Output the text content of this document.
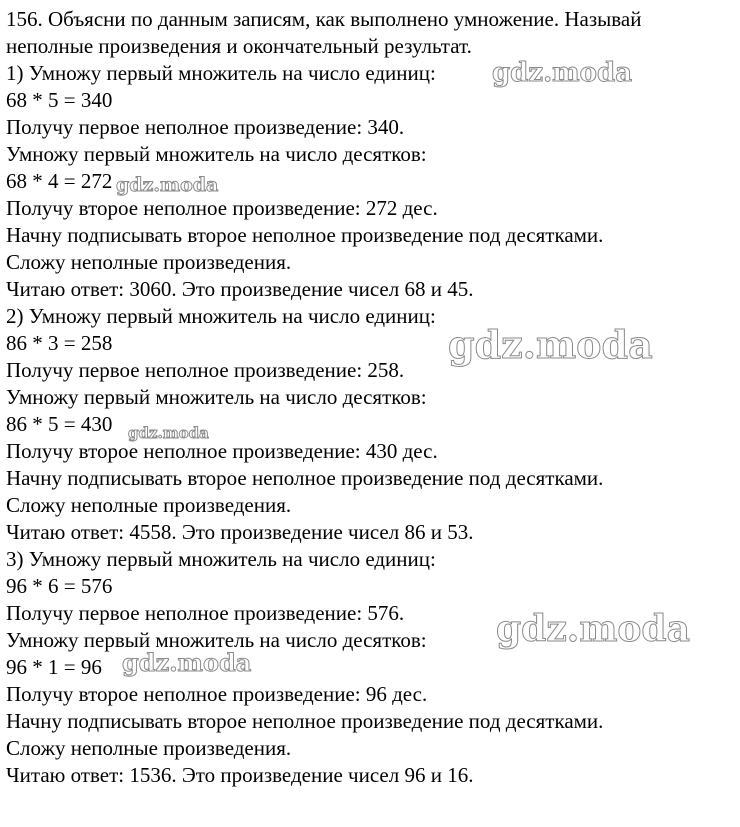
156. Объясни по данным записям, как выполнено умножение. Называй

неполные произведения и окончательный результат.

1) Умножу первый множитель на число единиц:

68 * 5 = 340

Получу первое неполное произведение: 340.

Умножу первый множитель на число десятков:

68 * 4 = 272

Получу второе неполное произведение: 272 дес.

Начну подписывать второе неполное произведение под десятками.

Сложу неполные произведения.

Читаю ответ: 3060. Это произведение чисел 68 и 45.

2) Умножу первый множитель на число единиц:

86 * 3 = 258

Получу первое неполное произведение: 258.

Умножу первый множитель на число десятков:

86 * 5 = 430

Получу второе неполное произведение: 430 дес.

Начну подписывать второе неполное произведение под десятками.

Сложу неполные произведения.

Читаю ответ: 4558. Это произведение чисел 86 и 53.

3) Умножу первый множитель на число единиц:

96 * 6 = 576

Получу первое неполное произведение: 576.

Умножу первый множитель на число десятков:

96 * 1 = 96

Получу второе неполное произведение: 96 дес.

Начну подписывать второе неполное произведение под десятками.

Сложу неполные произведения.

Читаю ответ: 1536. Это произведение чисел 96 и 16.

gdz.moda
gdz.moda
gdz.moda
gdz.moda
gdz.moda
gdz.moda
